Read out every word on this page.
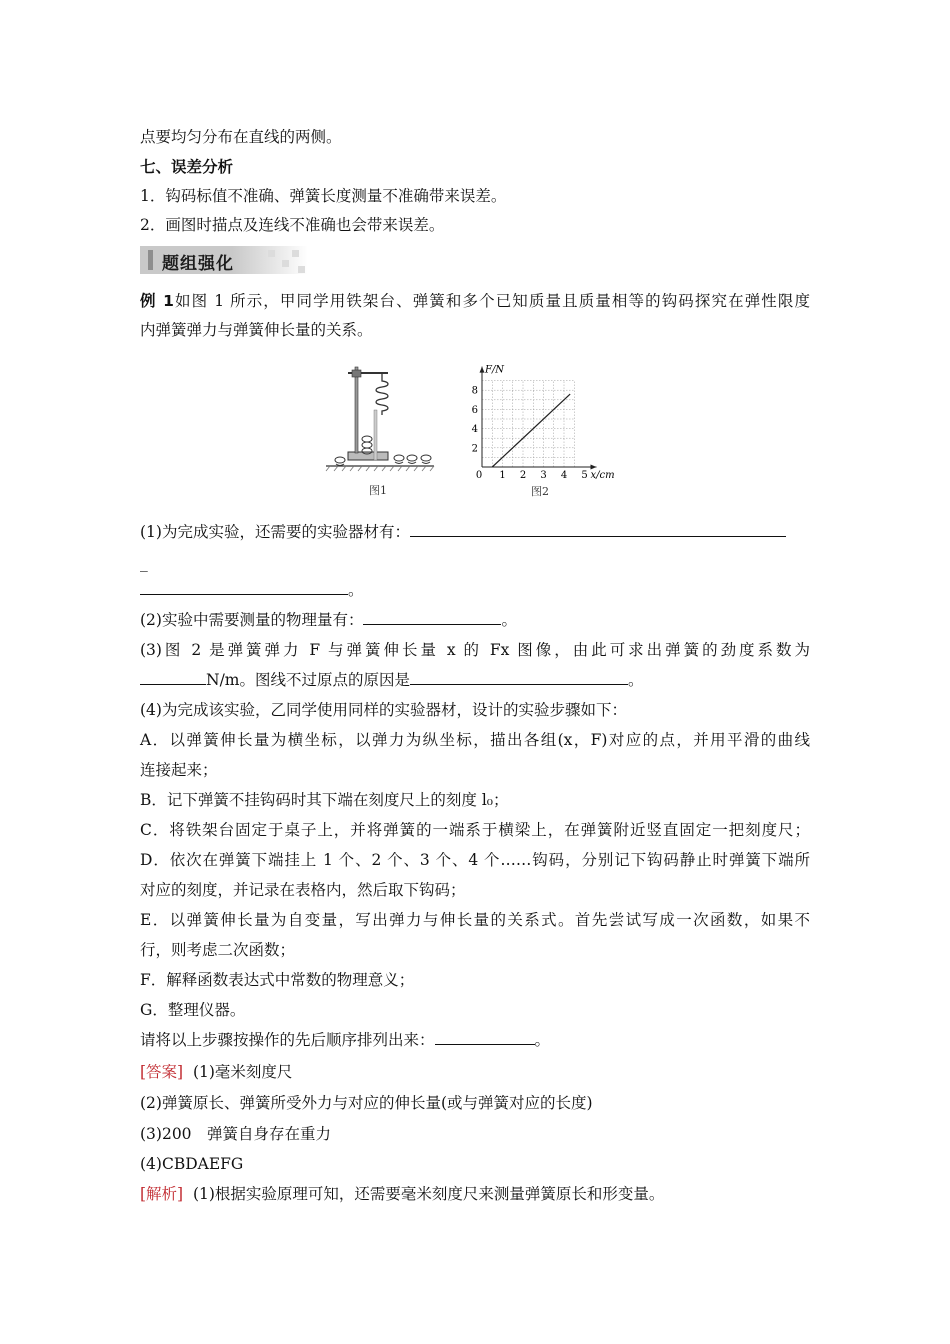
点要均匀分布在直线的两侧。
七、误差分析
1．钩码标值不准确、弹簧长度测量不准确带来误差。
2．画图时描点及连线不准确也会带来误差。
题组强化
例 1如图 1 所示，甲同学用铁架台、弹簧和多个已知质量且质量相等的钩码探究在弹性限度
内弹簧弹力与弹簧伸长量的关系。
图1
F/N
x/cm
0 1 2 3 4 5
2
4
6
8
图2
(1)为完成实验，还需要的实验器材有：
_
。
(2)实验中需要测量的物理量有：	。
(3)图 2 是弹簧弹力 F 与弹簧伸长量 x 的 Fx 图像，由此可求出弹簧的劲度系数为
N/m。图线不过原点的原因是	。
(4)为完成该实验，乙同学使用同样的实验器材，设计的实验步骤如下：
A．以弹簧伸长量为横坐标，以弹力为纵坐标，描出各组(x，F)对应的点，并用平滑的曲线
连接起来；
B．记下弹簧不挂钩码时其下端在刻度尺上的刻度 l₀；
C．将铁架台固定于桌子上，并将弹簧的一端系于横梁上，在弹簧附近竖直固定一把刻度尺；
D．依次在弹簧下端挂上 1 个、2 个、3 个、4 个……钩码，分别记下钩码静止时弹簧下端所
对应的刻度，并记录在表格内，然后取下钩码；
E．以弹簧伸长量为自变量，写出弹力与伸长量的关系式。首先尝试写成一次函数，如果不
行，则考虑二次函数；
F．解释函数表达式中常数的物理意义；
G．整理仪器。
请将以上步骤按操作的先后顺序排列出来：	。
[答案] (1)毫米刻度尺
(2)弹簧原长、弹簧所受外力与对应的伸长量(或与弹簧对应的长度)
(3)200　弹簧自身存在重力
(4)CBDAEFG
[解析] (1)根据实验原理可知，还需要毫米刻度尺来测量弹簧原长和形变量。
